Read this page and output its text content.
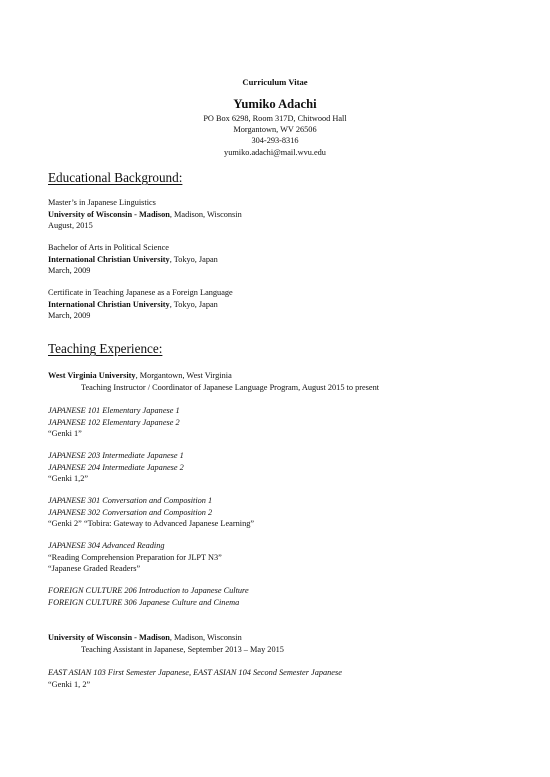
Curriculum Vitae
Yumiko Adachi
PO Box 6298, Room 317D, Chitwood Hall
Morgantown, WV 26506
304-293-8316
yumiko.adachi@mail.wvu.edu
Educational Background:
Master’s in Japanese Linguistics
University of Wisconsin - Madison, Madison, Wisconsin
August, 2015
Bachelor of Arts in Political Science
International Christian University, Tokyo, Japan
March, 2009
Certificate in Teaching Japanese as a Foreign Language
International Christian University, Tokyo, Japan
March, 2009
Teaching Experience:
West Virginia University, Morgantown, West Virginia
Teaching Instructor / Coordinator of Japanese Language Program, August 2015 to present
JAPANESE 101 Elementary Japanese 1
JAPANESE 102 Elementary Japanese 2
“Genki 1”
JAPANESE 203 Intermediate Japanese 1
JAPANESE 204 Intermediate Japanese 2
“Genki 1,2”
JAPANESE 301 Conversation and Composition 1
JAPANESE 302 Conversation and Composition 2
“Genki 2” “Tobira: Gateway to Advanced Japanese Learning”
JAPANESE 304 Advanced Reading
“Reading Comprehension Preparation for JLPT N3”
“Japanese Graded Readers”
FOREIGN CULTURE 206 Introduction to Japanese Culture
FOREIGN CULTURE 306 Japanese Culture and Cinema
University of Wisconsin - Madison, Madison, Wisconsin
Teaching Assistant in Japanese, September 2013 – May 2015
EAST ASIAN 103 First Semester Japanese, EAST ASIAN 104 Second Semester Japanese
“Genki 1, 2”
